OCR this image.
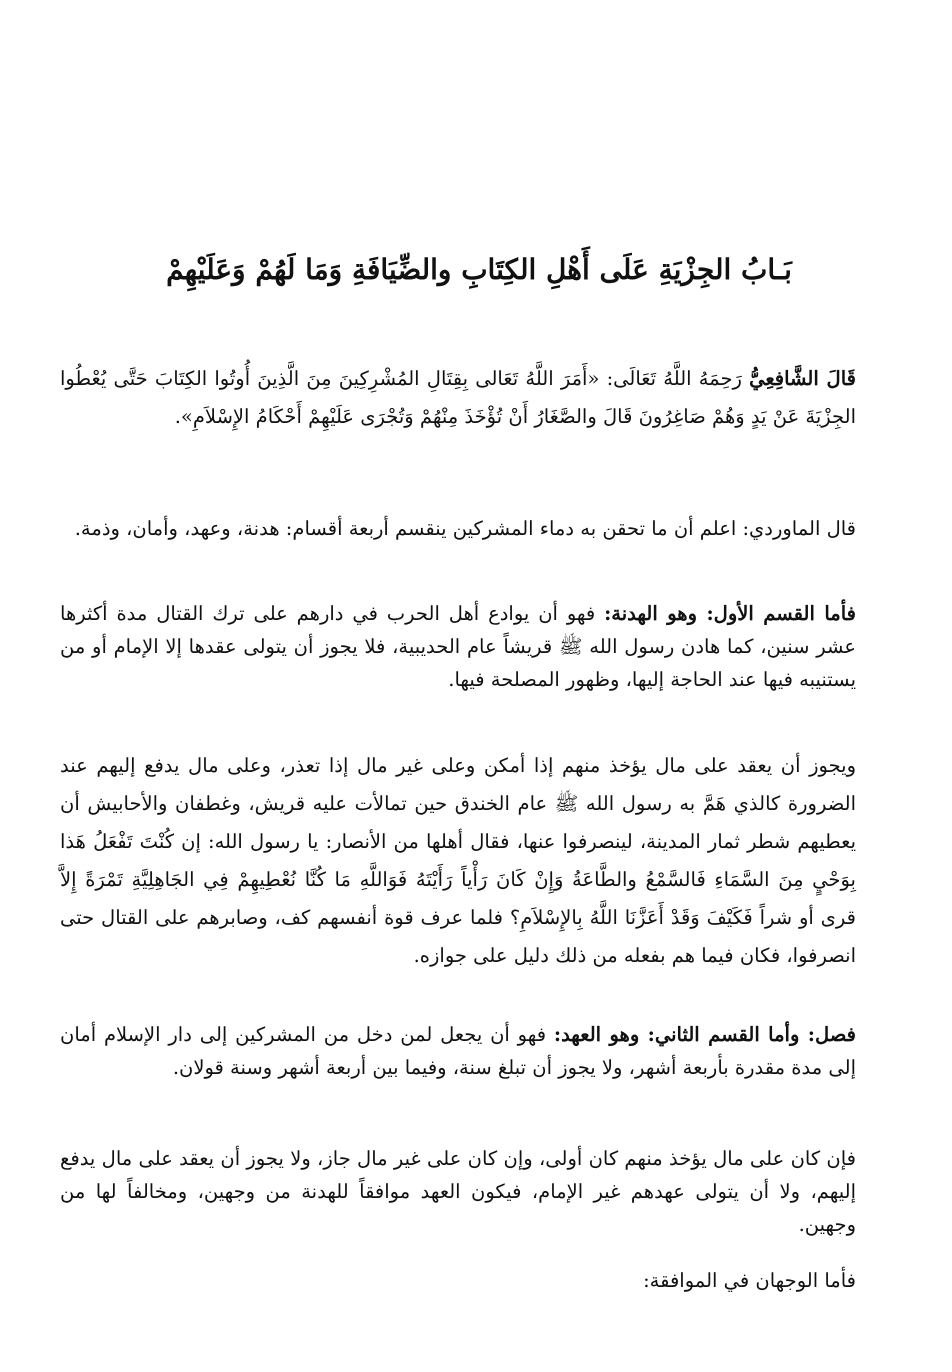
بَـابُ الجِزْيَةِ عَلَى أَهْلِ الكِتَابِ والضِّيَافَةِ وَمَا لَهُمْ وَعَلَيْهِمْ

قَالَ الشَّافِعِيُّ رَحِمَهُ اللَّهُ تَعَالَى: «أَمَرَ اللَّهُ تَعَالى بِقِتَالِ المُشْرِكِينَ مِنَ الَّذِينَ أُوتُوا الكِتَابَ حَتَّى يُعْطُوا الجِزْيَةَ عَنْ يَدٍ وَهُمْ صَاغِرُونَ قَالَ والصَّغَارُ أَنْ تُؤْخَذَ مِنْهُمْ وَتُجْرَى عَلَيْهِمْ أَحْكَامُ الإِسْلاَمِ».

قال الماوردي: اعلم أن ما تحقن به دماء المشركين ينقسم أربعة أقسام: هدنة، وعهد، وأمان، وذمة.

فأما القسم الأول: وهو الهدنة: فهو أن يوادع أهل الحرب في دارهم على ترك القتال مدة أكثرها عشر سنين، كما هادن رسول الله ﷺ قريشاً عام الحديبية، فلا يجوز أن يتولى عقدها إلا الإمام أو من يستنيبه فيها عند الحاجة إليها، وظهور المصلحة فيها.

ويجوز أن يعقد على مال يؤخذ منهم إذا أمكن وعلى غير مال إذا تعذر، وعلى مال يدفع إليهم عند الضرورة كالذي هَمَّ به رسول الله ﷺ عام الخندق حين تمالأت عليه قريش، وغطفان والأحابيش أن يعطيهم شطر ثمار المدينة، لينصرفوا عنها، فقال أهلها من الأنصار: يا رسول الله: إن كُنْتَ تَفْعَلُ هَذا بِوَحْيٍ مِنَ السَّمَاءِ فَالسَّمْعُ والطَّاعَةُ وَإِنْ كَانَ رَأْياً رَأَيْتَهُ فَوَاللَّهِ مَا كُنَّا نُعْطِيهِمْ فِي الجَاهِلِيَّةِ تَمْرَةً إِلاَّ قرى أو شراً فَكَيْفَ وَقَدْ أَعَزَّنَا اللَّهُ بِالإِسْلاَمِ؟ فلما عرف قوة أنفسهم كف، وصابرهم على القتال حتى انصرفوا، فكان فيما هم بفعله من ذلك دليل على جوازه.

فصل: وأما القسم الثاني: وهو العهد: فهو أن يجعل لمن دخل من المشركين إلى دار الإسلام أمان إلى مدة مقدرة بأربعة أشهر، ولا يجوز أن تبلغ سنة، وفيما بين أربعة أشهر وسنة قولان.

فإن كان على مال يؤخذ منهم كان أولى، وإن كان على غير مال جاز، ولا يجوز أن يعقد على مال يدفع إليهم، ولا أن يتولى عهدهم غير الإمام، فيكون العهد موافقاً للهدنة من وجهين، ومخالفاً لها من وجهين.

فأما الوجهان في الموافقة:
